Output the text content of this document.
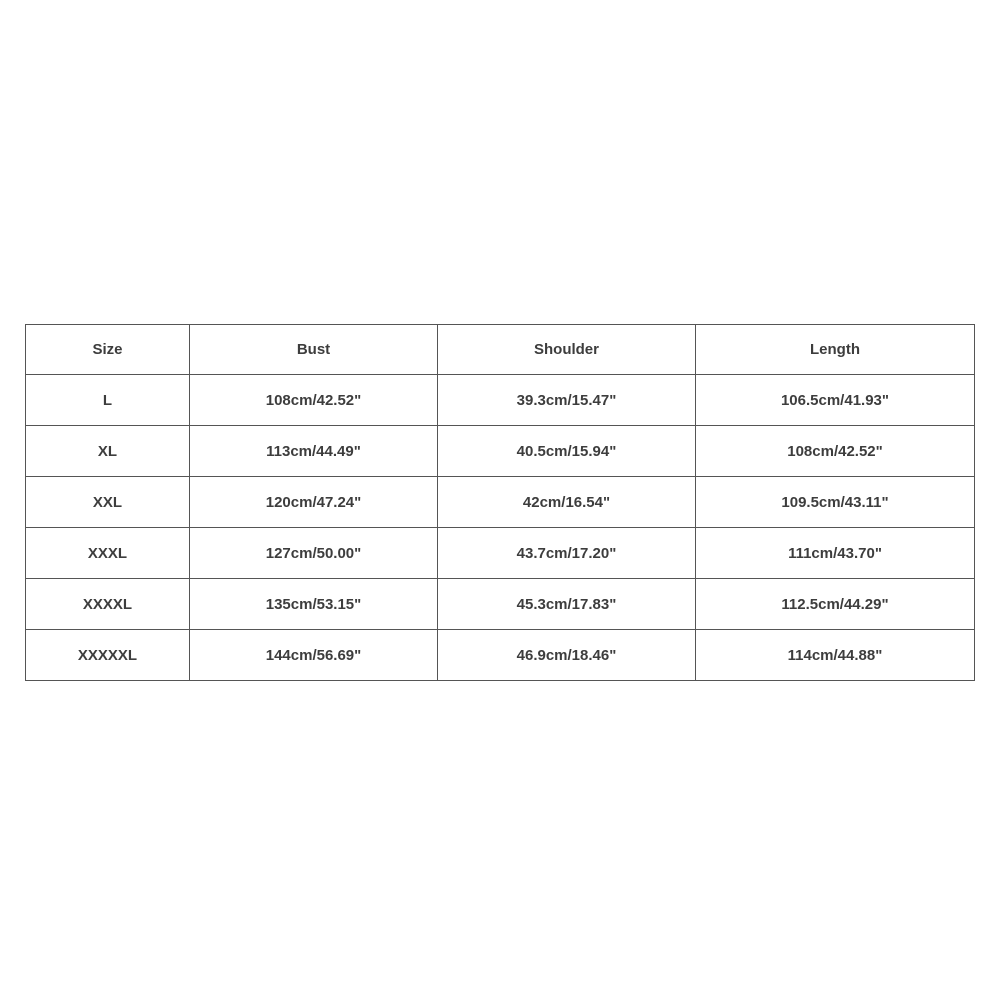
Size	Bust	Shoulder	Length
L	108cm/42.52"	39.3cm/15.47"	106.5cm/41.93"
XL	113cm/44.49"	40.5cm/15.94"	108cm/42.52"
XXL	120cm/47.24"	42cm/16.54"	109.5cm/43.11"
XXXL	127cm/50.00"	43.7cm/17.20"	111cm/43.70"
XXXXL	135cm/53.15"	45.3cm/17.83"	112.5cm/44.29"
XXXXXL	144cm/56.69"	46.9cm/18.46"	114cm/44.88"
